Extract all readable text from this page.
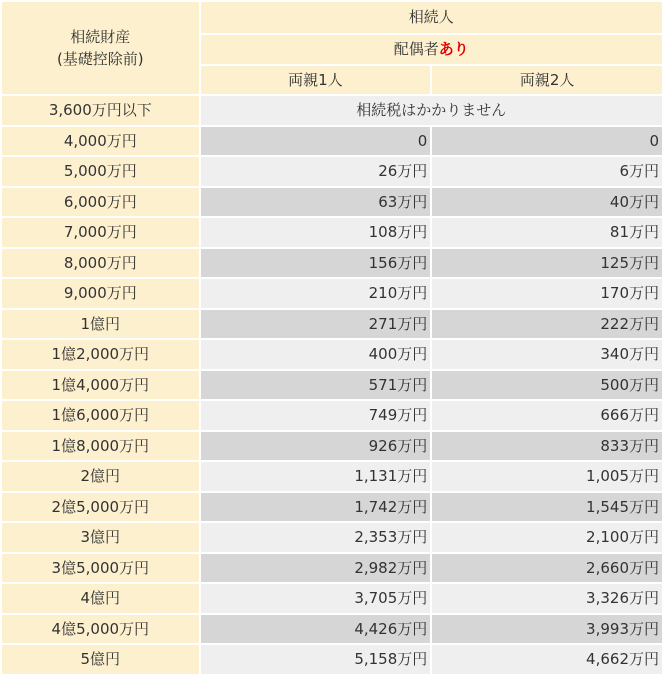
相続財産
(基礎控除前)	相続人	
	配偶者あり	
	両親1人	両親2人
3,600万円以下	相続税はかかりません	
4,000万円	0	0
5,000万円	26万円	6万円
6,000万円	63万円	40万円
7,000万円	108万円	81万円
8,000万円	156万円	125万円
9,000万円	210万円	170万円
1億円	271万円	222万円
1億2,000万円	400万円	340万円
1億4,000万円	571万円	500万円
1億6,000万円	749万円	666万円
1億8,000万円	926万円	833万円
2億円	1,131万円	1,005万円
2億5,000万円	1,742万円	1,545万円
3億円	2,353万円	2,100万円
3億5,000万円	2,982万円	2,660万円
4億円	3,705万円	3,326万円
4億5,000万円	4,426万円	3,993万円
5億円	5,158万円	4,662万円
